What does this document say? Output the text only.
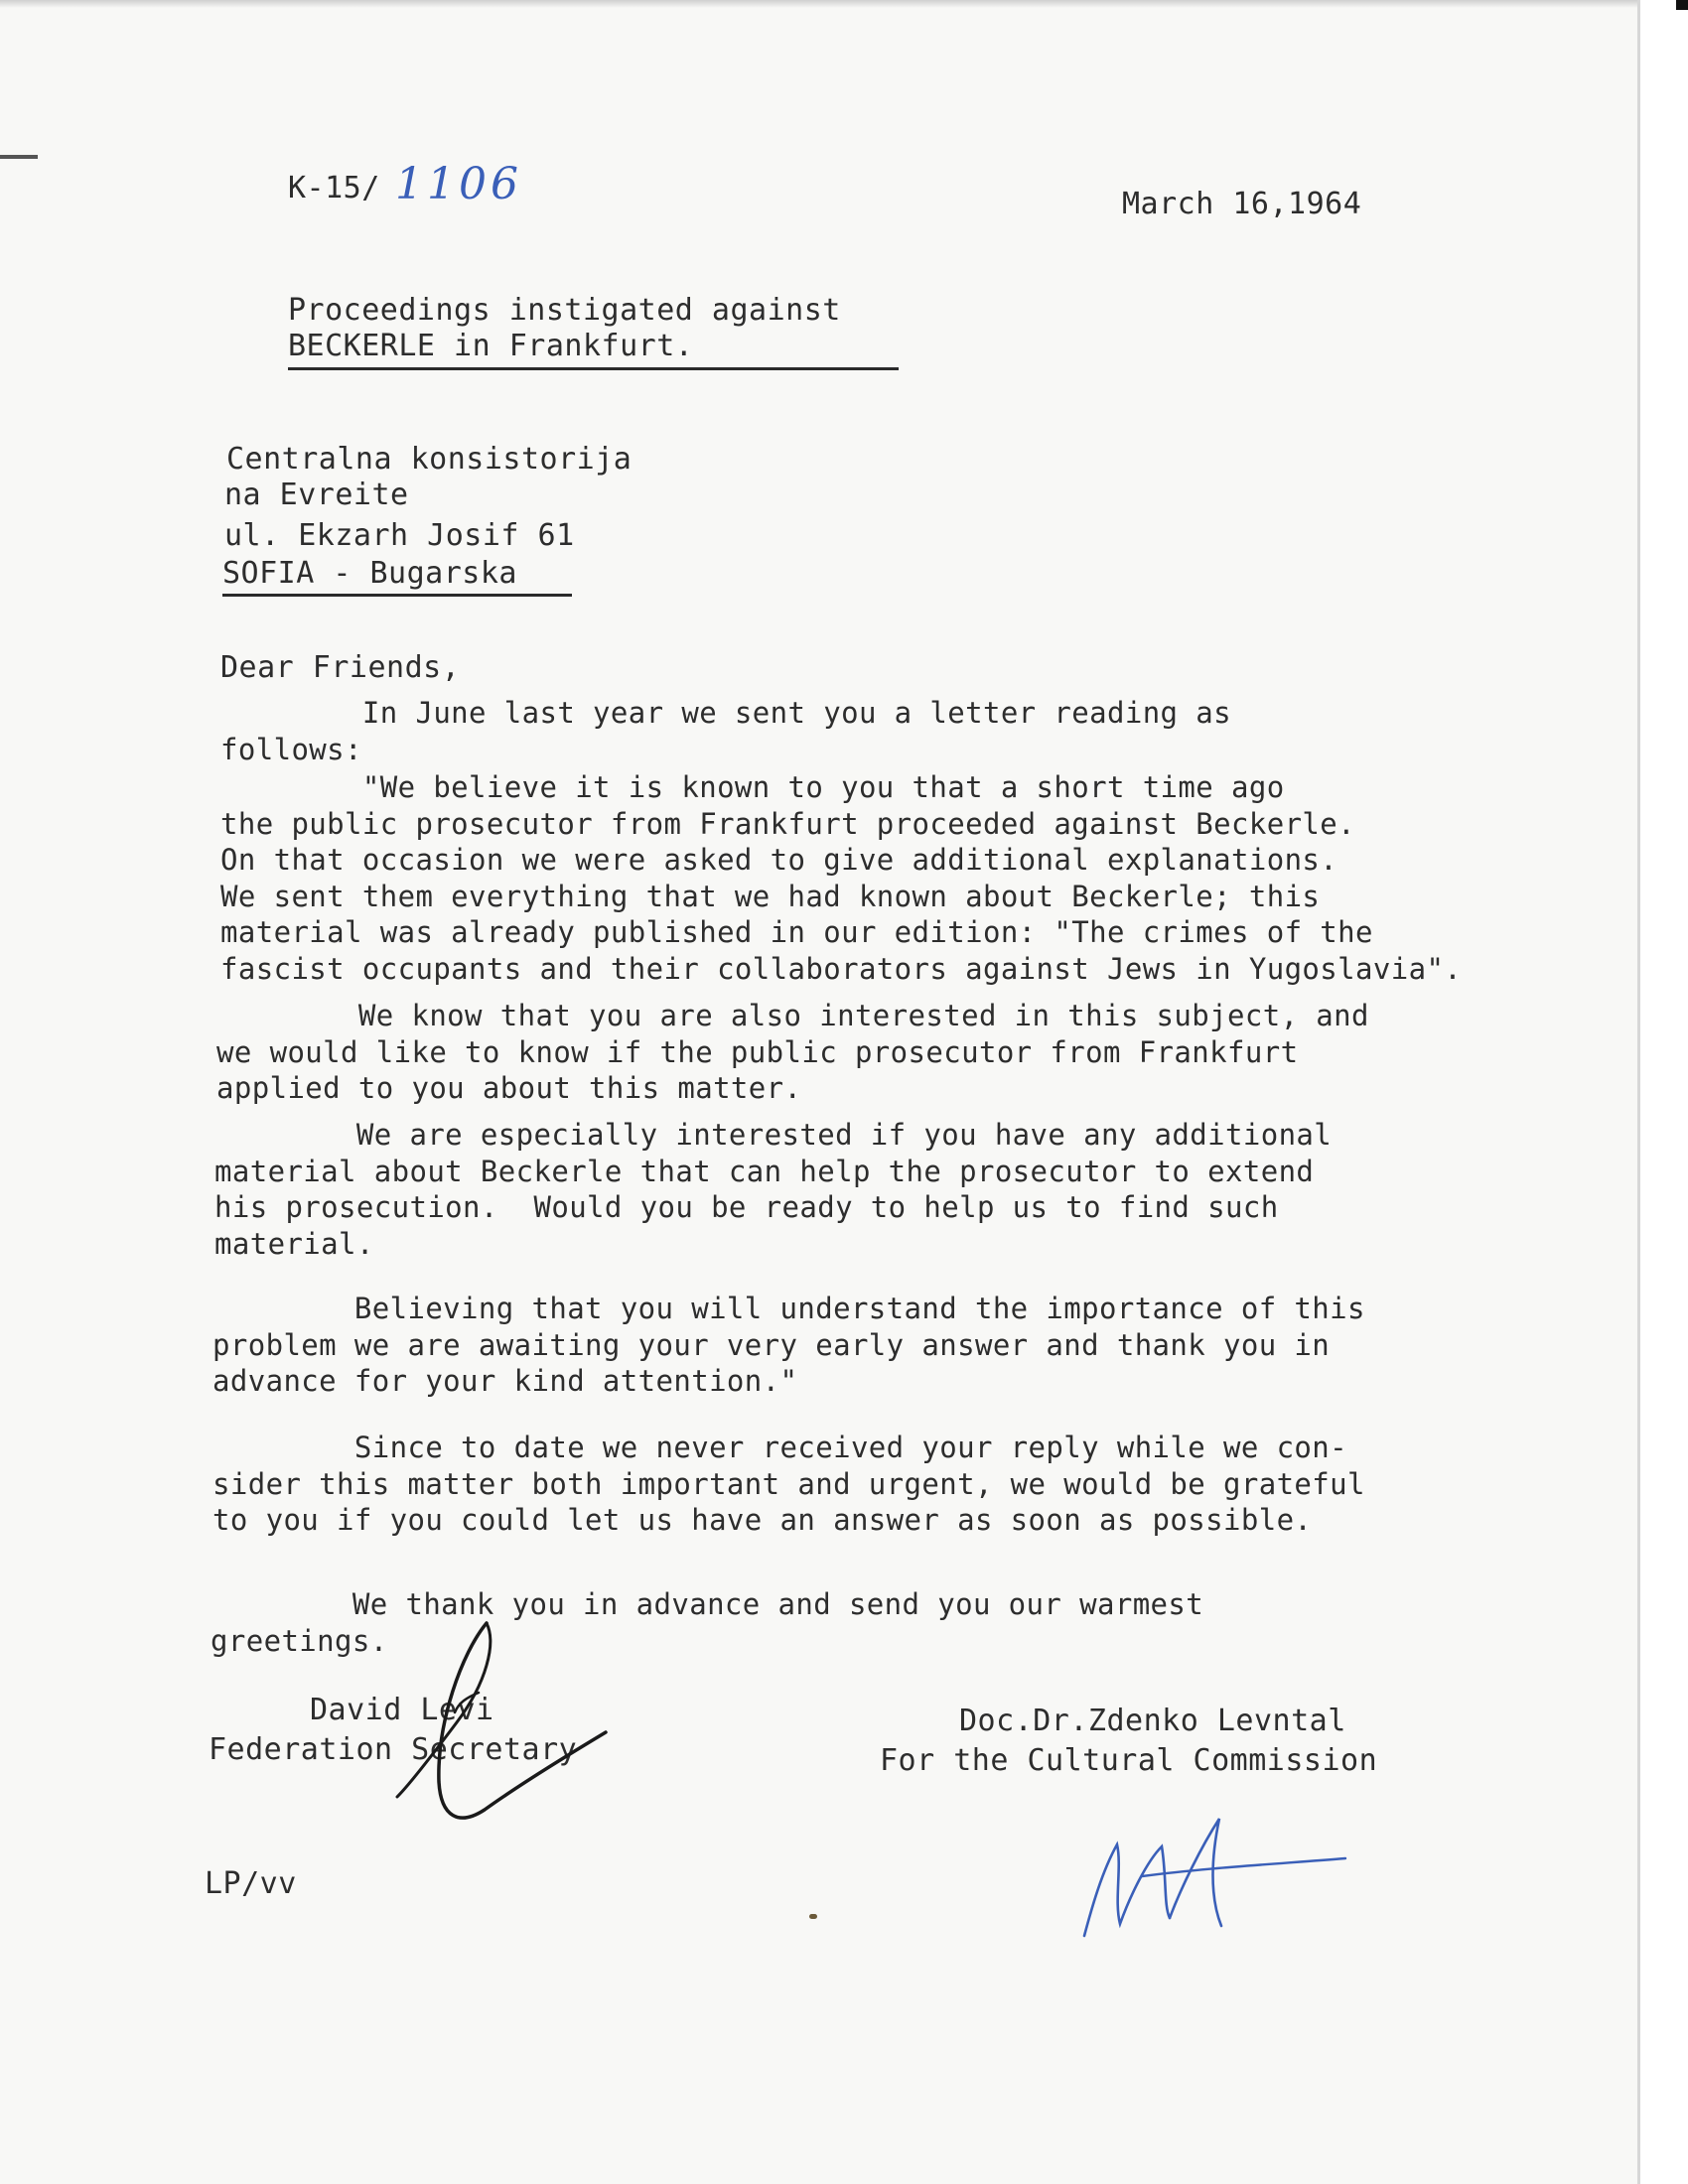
K-15/ 1106	March 16,1964
Proceedings instigated against
BECKERLE in Frankfurt.
Centralna konsistorija
na Evreite
ul. Ekzarh Josif 61
SOFIA - Bugarska
Dear Friends,
In June last year we sent you a letter reading as
follows:
"We believe it is known to you that a short time ago
the public prosecutor from Frankfurt proceeded against Beckerle.
On that occasion we were asked to give additional explanations.
We sent them everything that we had known about Beckerle; this
material was already published in our edition: "The crimes of the
fascist occupants and their collaborators against Jews in Yugoslavia".
We know that you are also interested in this subject, and
we would like to know if the public prosecutor from Frankfurt
applied to you about this matter.
We are especially interested if you have any additional
material about Beckerle that can help the prosecutor to extend
his prosecution.  Would you be ready to help us to find such
material.
Believing that you will understand the importance of this
problem we are awaiting your very early answer and thank you in
advance for your kind attention."
Since to date we never received your reply while we con-
sider this matter both important and urgent, we would be grateful
to you if you could let us have an answer as soon as possible.
We thank you in advance and send you our warmest
greetings.
David Levi
Federation Secretary
Doc.Dr.Zdenko Levntal
For the Cultural Commission
LP/vv
